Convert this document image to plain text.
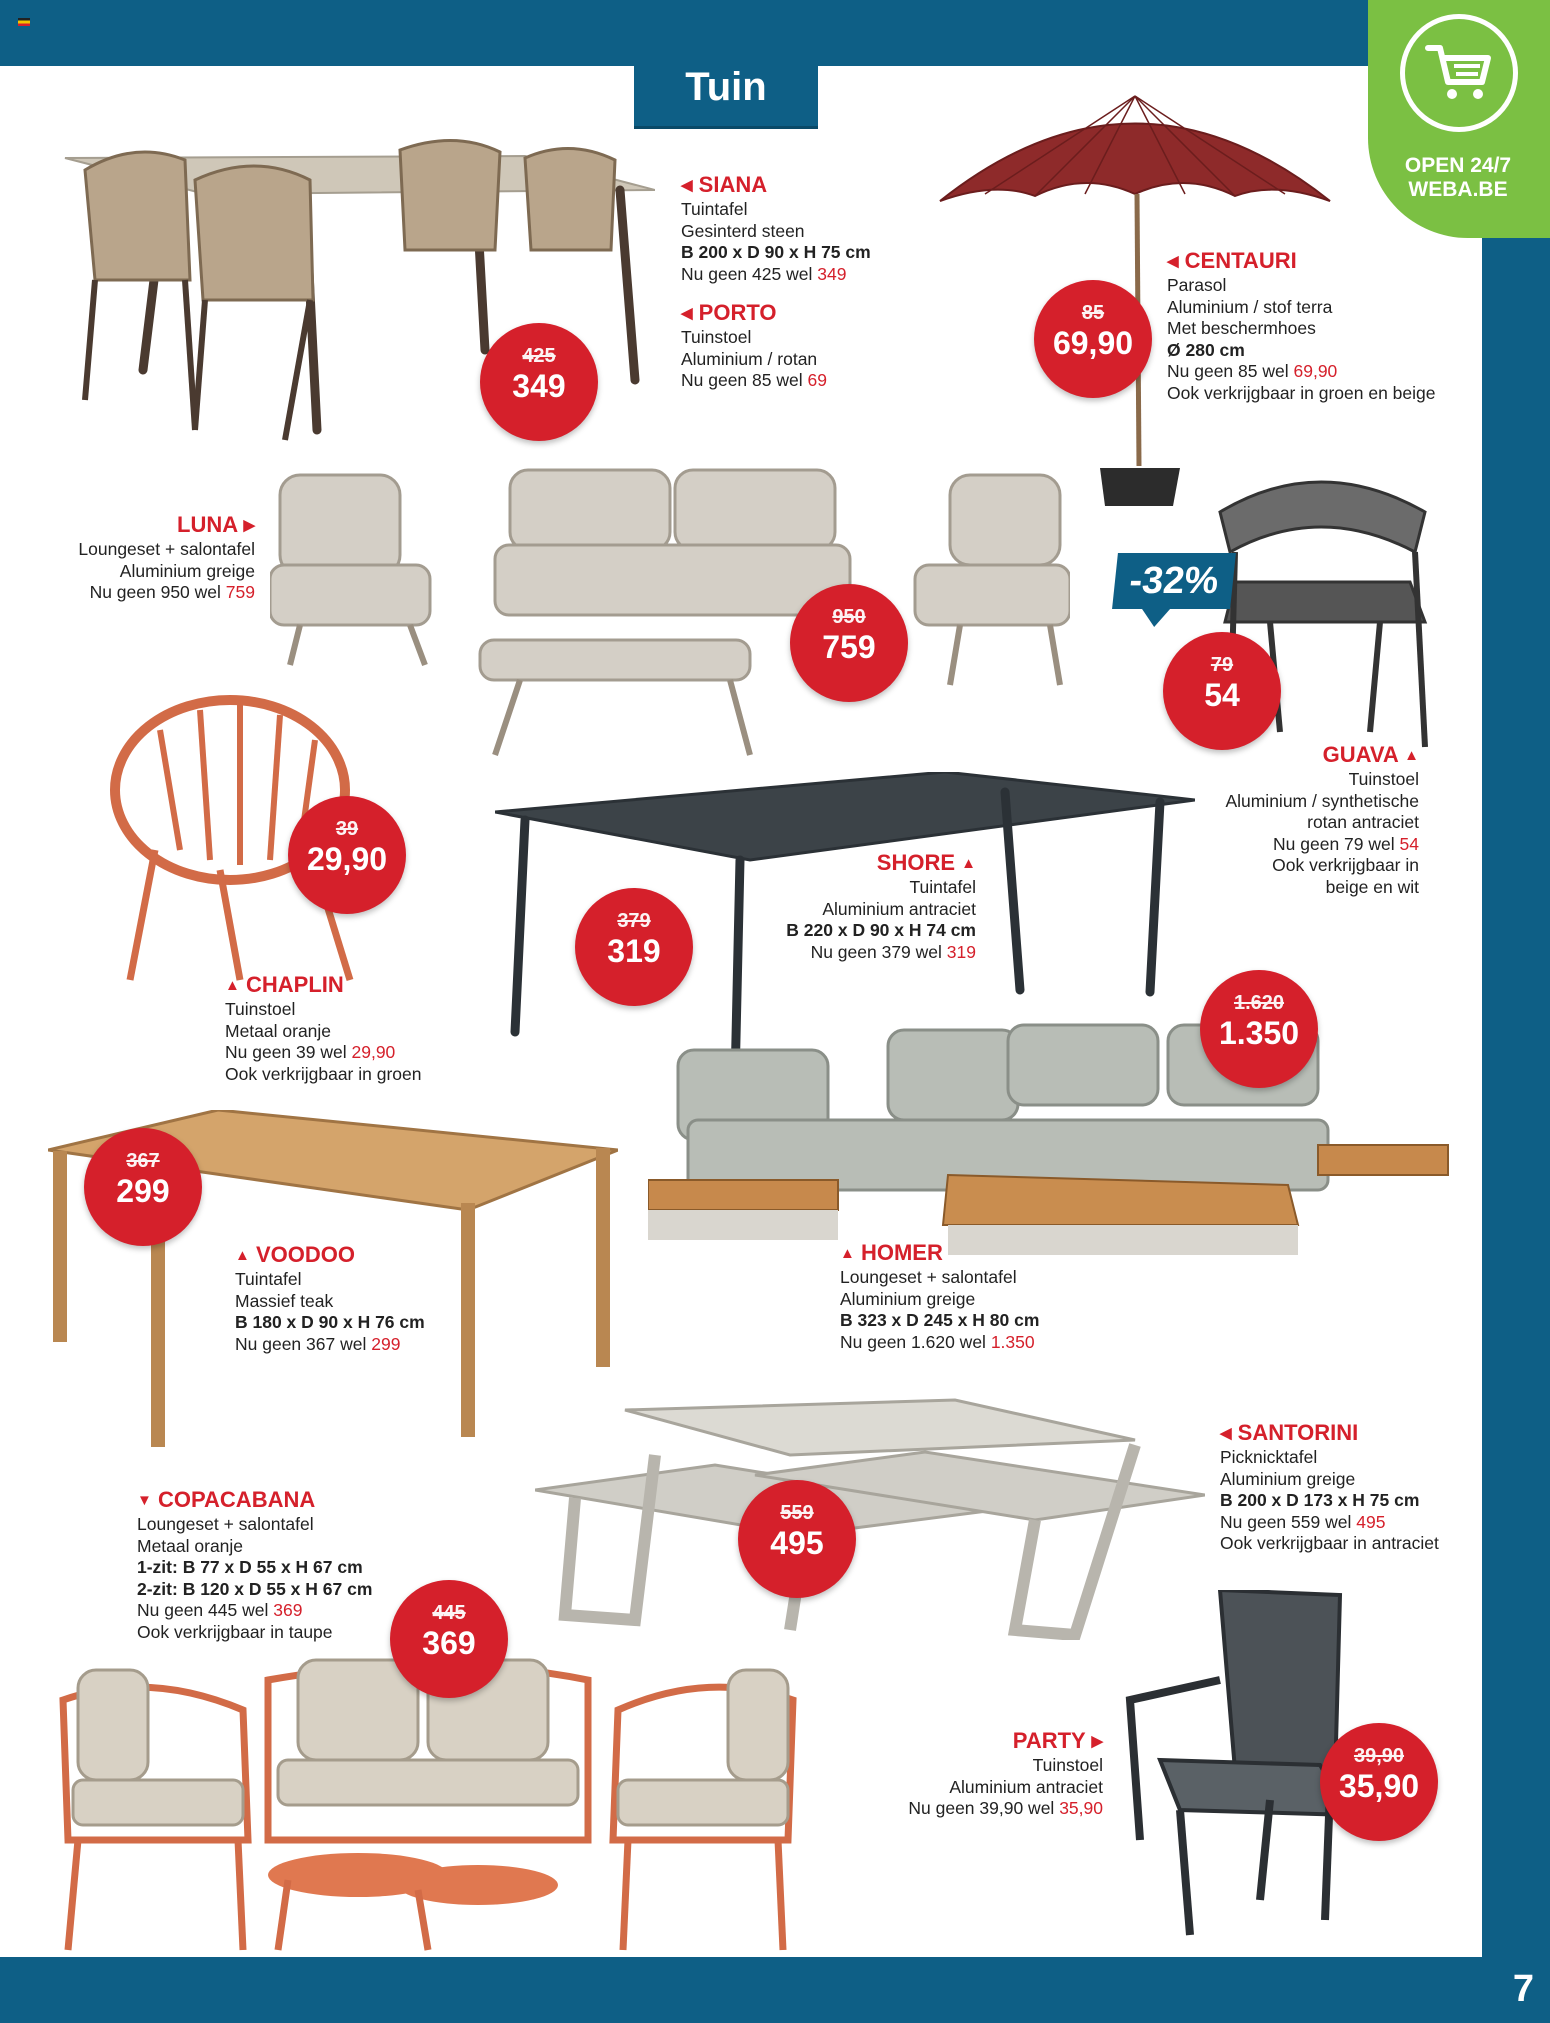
7
Tuin
OPEN 24/7
WEBA.BE
◀ SIANA
Tuintafel
Gesinterd steen
B 200 x D 90 x H 75 cm
Nu geen 425 wel 349
◀ PORTO
Tuinstoel
Aluminium / rotan
Nu geen 85 wel 69
◀ CENTAURI
Parasol
Aluminium / stof terra
Met beschermhoes
Ø 280 cm
Nu geen 85 wel 69,90
Ook verkrijgbaar in groen en beige
LUNA ▶
Loungeset + salontafel
Aluminium greige
Nu geen 950 wel 759
GUAVA ▲
Tuinstoel
Aluminium / synthetische
rotan antraciet
Nu geen 79 wel 54
Ook verkrijgbaar in
beige en wit
SHORE ▲
Tuintafel
Aluminium antraciet
B 220 x D 90 x H 74 cm
Nu geen 379 wel 319
▲ CHAPLIN
Tuinstoel
Metaal oranje
Nu geen 39 wel 29,90
Ook verkrijgbaar in groen
▲ VOODOO
Tuintafel
Massief teak
B 180 x D 90 x H 76 cm
Nu geen 367 wel 299
▲ HOMER
Loungeset + salontafel
Aluminium greige
B 323 x D 245 x H 80 cm
Nu geen 1.620 wel 1.350
◀ SANTORINI
Picknicktafel
Aluminium greige
B 200 x D 173 x H 75 cm
Nu geen 559 wel 495
Ook verkrijgbaar in antraciet
▼ COPACABANA
Loungeset + salontafel
Metaal oranje
1-zit: B 77 x D 55 x H 67 cm
2-zit: B 120 x D 55 x H 67 cm
Nu geen 445 wel 369
Ook verkrijgbaar in taupe
PARTY ▶
Tuinstoel
Aluminium antraciet
Nu geen 39,90 wel 35,90
425
349
85
69,90
950
759
-32%
79
54
39
29,90
379
319
1.620
1.350
367
299
559
495
445
369
39,90
35,90
